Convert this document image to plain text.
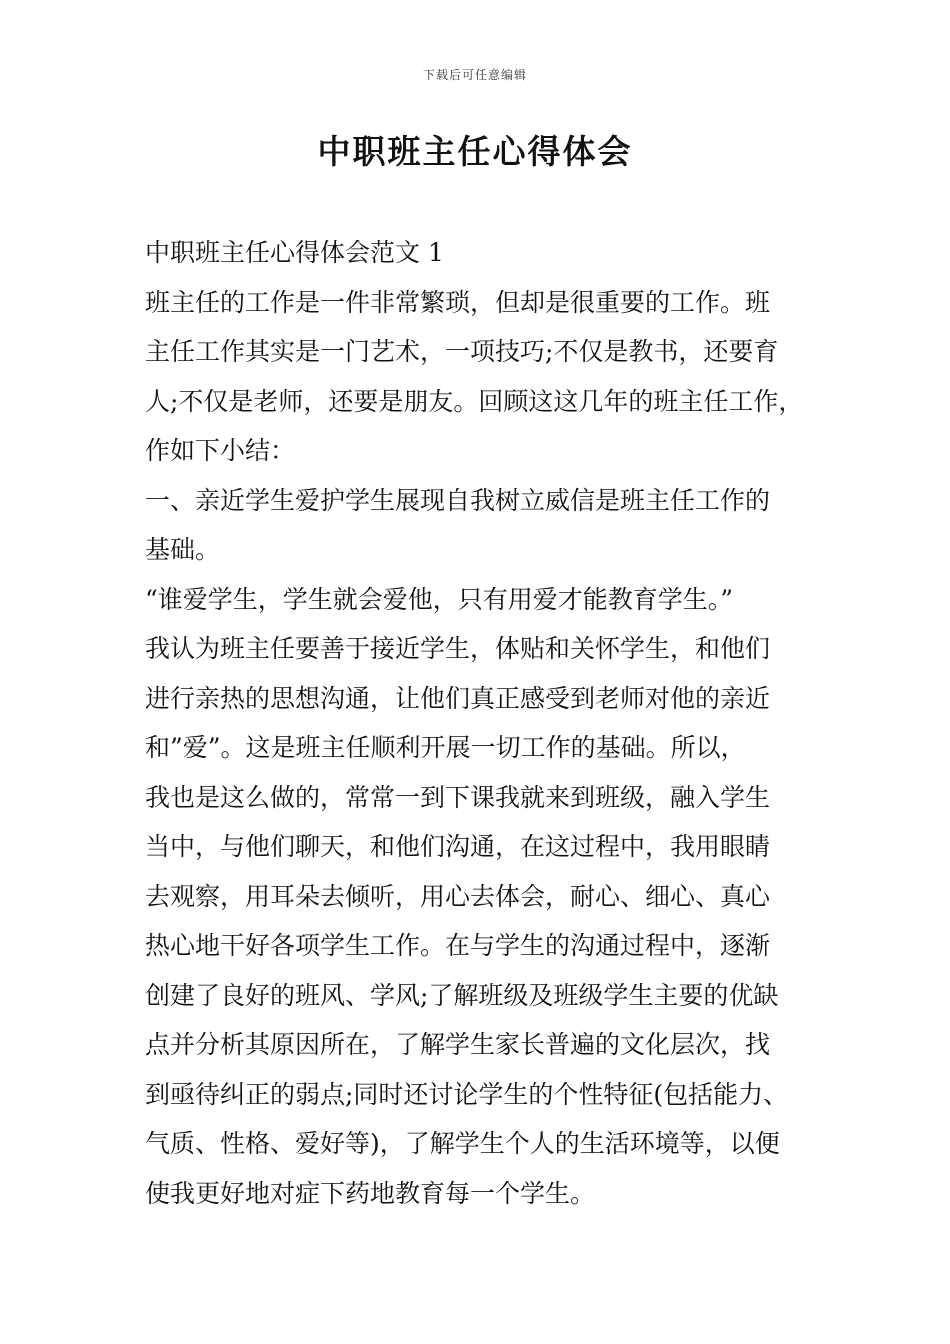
下载后可任意编辑
中职班主任心得体会
中职班主任心得体会范文 1
班主任的工作是一件非常繁琐，但却是很重要的工作。班
主任工作其实是一门艺术，一项技巧;不仅是教书，还要育
人;不仅是老师，还要是朋友。回顾这这几年的班主任工作，
作如下小结：
一、亲近学生爱护学生展现自我树立威信是班主任工作的
基础。
“谁爱学生，学生就会爱他，只有用爱才能教育学生。”
我认为班主任要善于接近学生，体贴和关怀学生，和他们
进行亲热的思想沟通，让他们真正感受到老师对他的亲近
和”爱”。这是班主任顺利开展一切工作的基础。所以，
我也是这么做的，常常一到下课我就来到班级，融入学生
当中，与他们聊天，和他们沟通，在这过程中，我用眼睛
去观察，用耳朵去倾听，用心去体会，耐心、细心、真心
热心地干好各项学生工作。在与学生的沟通过程中，逐渐
创建了良好的班风、学风;了解班级及班级学生主要的优缺
点并分析其原因所在，了解学生家长普遍的文化层次，找
到亟待纠正的弱点;同时还讨论学生的个性特征(包括能力、
气质、性格、爱好等)，了解学生个人的生活环境等，以便
使我更好地对症下药地教育每一个学生。
